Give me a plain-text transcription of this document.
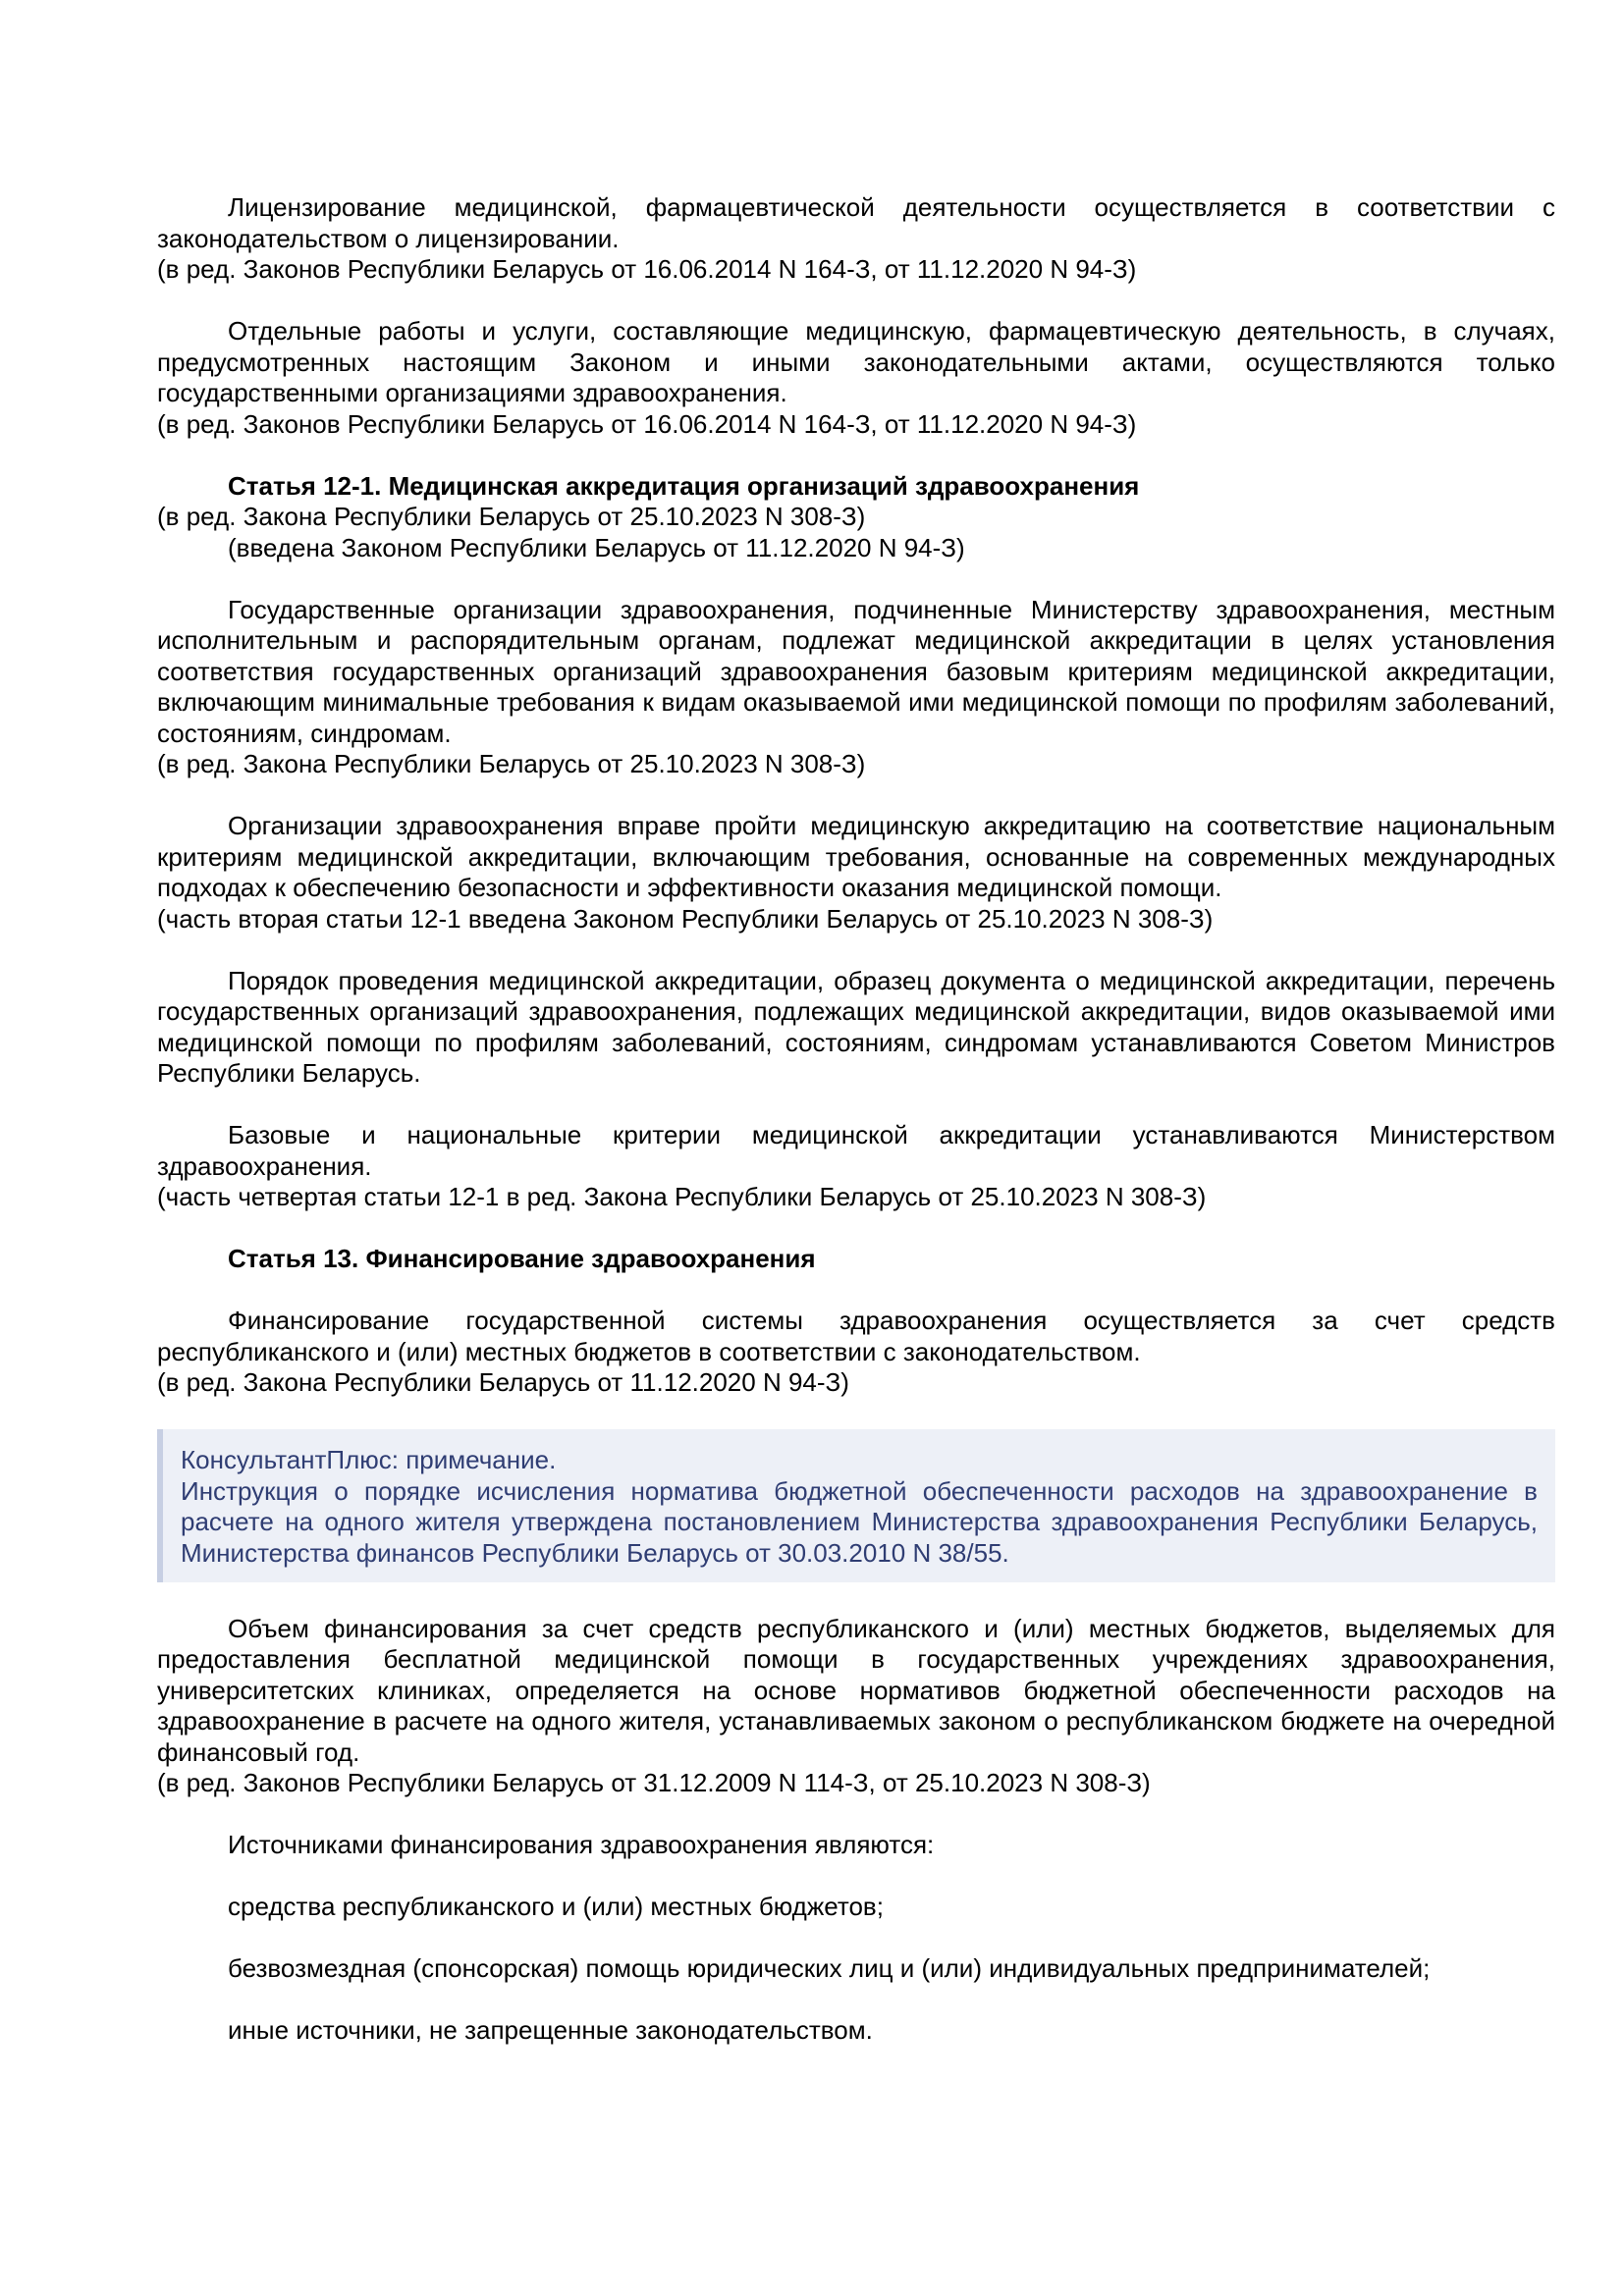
Лицензирование медицинской, фармацевтической деятельности осуществляется в соответствии с законодательством о лицензировании.

(в ред. Законов Республики Беларусь от 16.06.2014 N 164-З, от 11.12.2020 N 94-З)

Отдельные работы и услуги, составляющие медицинскую, фармацевтическую деятельность, в случаях, предусмотренных настоящим Законом и иными законодательными актами, осуществляются только государственными организациями здравоохранения.

(в ред. Законов Республики Беларусь от 16.06.2014 N 164-З, от 11.12.2020 N 94-З)

Статья 12-1. Медицинская аккредитация организаций здравоохранения

(в ред. Закона Республики Беларусь от 25.10.2023 N 308-З)

(введена Законом Республики Беларусь от 11.12.2020 N 94-З)

Государственные организации здравоохранения, подчиненные Министерству здравоохранения, местным исполнительным и распорядительным органам, подлежат медицинской аккредитации в целях установления соответствия государственных организаций здравоохранения базовым критериям медицинской аккредитации, включающим минимальные требования к видам оказываемой ими медицинской помощи по профилям заболеваний, состояниям, синдромам.

(в ред. Закона Республики Беларусь от 25.10.2023 N 308-З)

Организации здравоохранения вправе пройти медицинскую аккредитацию на соответствие национальным критериям медицинской аккредитации, включающим требования, основанные на современных международных подходах к обеспечению безопасности и эффективности оказания медицинской помощи.

(часть вторая статьи 12-1 введена Законом Республики Беларусь от 25.10.2023 N 308-З)

Порядок проведения медицинской аккредитации, образец документа о медицинской аккредитации, перечень государственных организаций здравоохранения, подлежащих медицинской аккредитации, видов оказываемой ими медицинской помощи по профилям заболеваний, состояниям, синдромам устанавливаются Советом Министров Республики Беларусь.

Базовые и национальные критерии медицинской аккредитации устанавливаются Министерством здравоохранения.

(часть четвертая статьи 12-1 в ред. Закона Республики Беларусь от 25.10.2023 N 308-З)

Статья 13. Финансирование здравоохранения

Финансирование государственной системы здравоохранения осуществляется за счет средств республиканского и (или) местных бюджетов в соответствии с законодательством.

(в ред. Закона Республики Беларусь от 11.12.2020 N 94-З)

КонсультантПлюс: примечание.

Инструкция о порядке исчисления норматива бюджетной обеспеченности расходов на здравоохранение в расчете на одного жителя утверждена постановлением Министерства здравоохранения Республики Беларусь, Министерства финансов Республики Беларусь от 30.03.2010 N 38/55.

Объем финансирования за счет средств республиканского и (или) местных бюджетов, выделяемых для предоставления бесплатной медицинской помощи в государственных учреждениях здравоохранения, университетских клиниках, определяется на основе нормативов бюджетной обеспеченности расходов на здравоохранение в расчете на одного жителя, устанавливаемых законом о республиканском бюджете на очередной финансовый год.

(в ред. Законов Республики Беларусь от 31.12.2009 N 114-З, от 25.10.2023 N 308-З)

Источниками финансирования здравоохранения являются:

средства республиканского и (или) местных бюджетов;

безвозмездная (спонсорская) помощь юридических лиц и (или) индивидуальных предпринимателей;

иные источники, не запрещенные законодательством.
